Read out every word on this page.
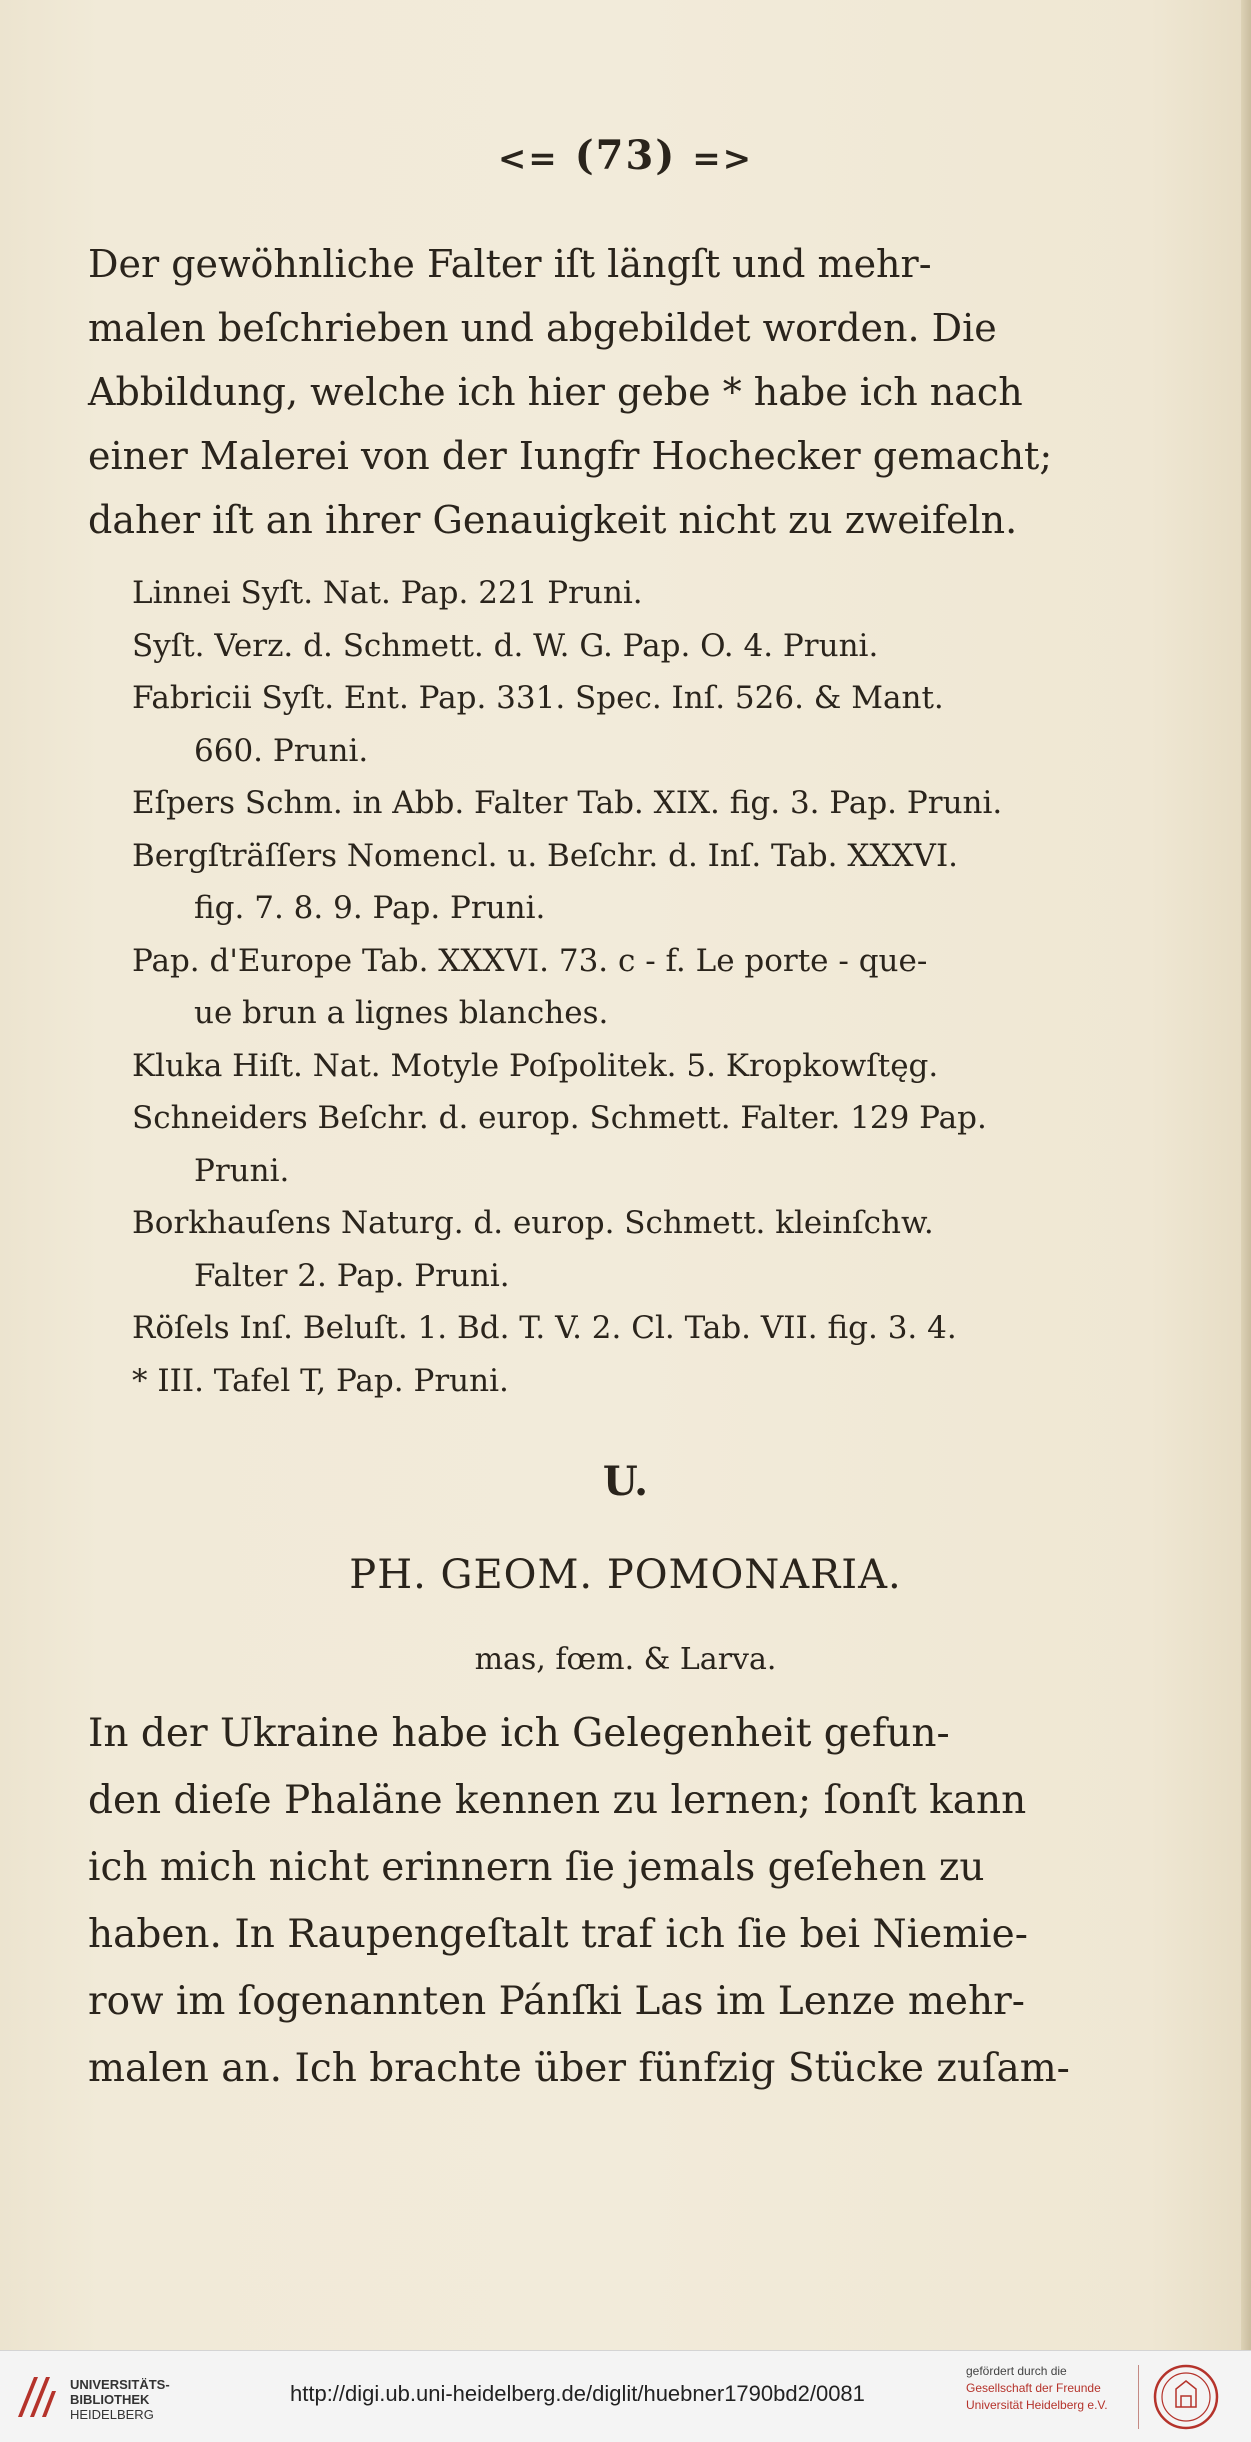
<= (73) =>
Der gewöhnliche Falter iſt längſt und mehr-
malen beſchrieben und abgebildet worden. Die
Abbildung, welche ich hier gebe * habe ich nach
einer Malerei von der Iungfr Hochecker gemacht;
daher iſt an ihrer Genauigkeit nicht zu zweifeln.
Linnei Syſt. Nat. Pap. 221 Pruni.
Syſt. Verz. d. Schmett. d. W. G. Pap. O. 4. Pruni.
Fabricii Syſt. Ent. Pap. 331. Spec. Inſ. 526. & Mant.
660. Pruni.
Eſpers Schm. in Abb. Falter Tab. XIX. fig. 3. Pap. Pruni.
Bergſträſſers Nomencl. u. Beſchr. d. Inſ. Tab. XXXVI.
fig. 7. 8. 9. Pap. Pruni.
Pap. d'Europe Tab. XXXVI. 73. c - f. Le porte - que-
ue brun a lignes blanches.
Kluka Hiſt. Nat. Motyle Poſpolitek. 5. Kropkowſtęg.
Schneiders Beſchr. d. europ. Schmett. Falter. 129 Pap.
Pruni.
Borkhauſens Naturg. d. europ. Schmett. kleinſchw.
Falter 2. Pap. Pruni.
Röſels Inſ. Beluſt. 1. Bd. T. V. 2. Cl. Tab. VII. fig. 3. 4.
* III. Tafel T, Pap. Pruni.
U.
PH. GEOM. POMONARIA.
mas, fœm. & Larva.
In der Ukraine habe ich Gelegenheit gefun-
den dieſe Phaläne kennen zu lernen; ſonſt kann
ich mich nicht erinnern ſie jemals geſehen zu
haben. In Raupengeſtalt traf ich ſie bei Niemie-
row im ſogenannten Pánſki Las im Lenze mehr-
malen an. Ich brachte über fünfzig Stücke zuſam-
UNIVERSITÄTS-
BIBLIOTHEK
HEIDELBERG
http://digi.ub.uni-heidelberg.de/diglit/huebner1790bd2/0081
gefördert durch die
Gesellschaft der Freunde
Universität Heidelberg e.V.
